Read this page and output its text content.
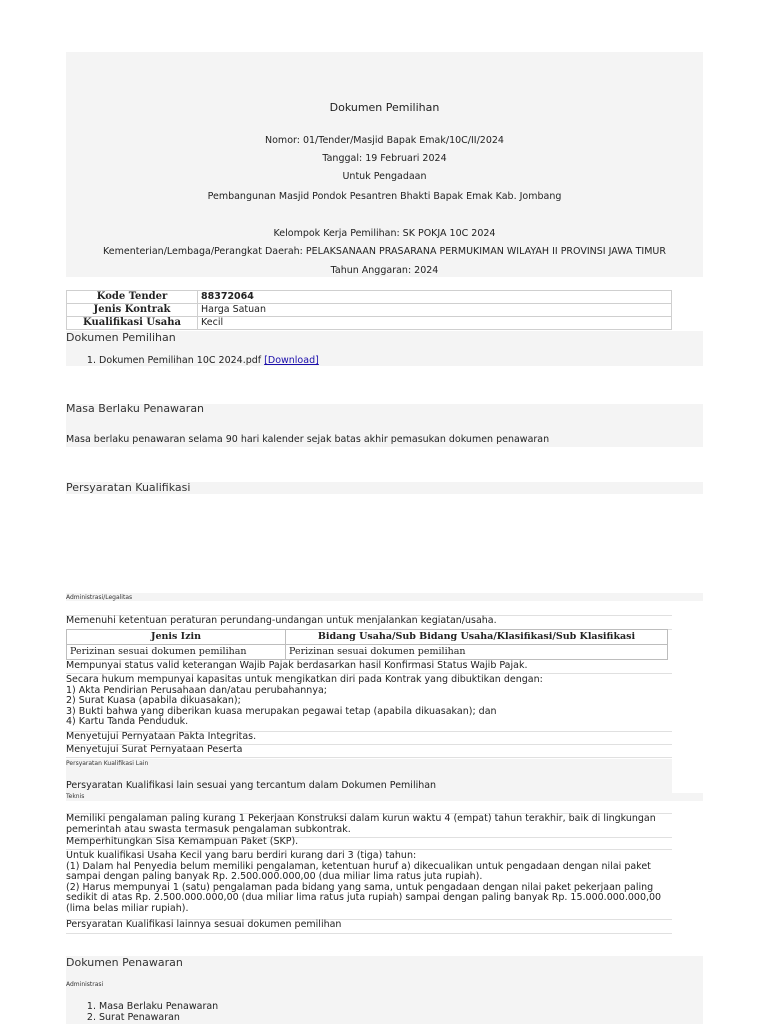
Dokumen Pemilihan
Nomor: 01/Tender/Masjid Bapak Emak/10C/II/2024
Tanggal: 19 Februari 2024
Untuk Pengadaan
Pembangunan Masjid Pondok Pesantren Bhakti Bapak Emak Kab. Jombang
Kelompok Kerja Pemilihan: SK POKJA 10C 2024
Kementerian/Lembaga/Perangkat Daerah: PELAKSANAAN PRASARANA PERMUKIMAN WILAYAH II PROVINSI JAWA TIMUR
Tahun Anggaran: 2024
Kode Tender	88372064
Jenis Kontrak	Harga Satuan
Kualifikasi Usaha	Kecil
Dokumen Pemilihan
1. Dokumen Pemilihan 10C 2024.pdf [Download]
Masa Berlaku Penawaran
Masa berlaku penawaran selama 90 hari kalender sejak batas akhir pemasukan dokumen penawaran
Persyaratan Kualifikasi
Administrasi/Legalitas
Memenuhi ketentuan peraturan perundang-undangan untuk menjalankan kegiatan/usaha.
Jenis Izin	Bidang Usaha/Sub Bidang Usaha/Klasifikasi/Sub Klasifikasi
Perizinan sesuai dokumen pemilihan	Perizinan sesuai dokumen pemilihan
Mempunyai status valid keterangan Wajib Pajak berdasarkan hasil Konfirmasi Status Wajib Pajak.
Secara hukum mempunyai kapasitas untuk mengikatkan diri pada Kontrak yang dibuktikan dengan:
1) Akta Pendirian Perusahaan dan/atau perubahannya;
2) Surat Kuasa (apabila dikuasakan);
3) Bukti bahwa yang diberikan kuasa merupakan pegawai tetap (apabila dikuasakan); dan
4) Kartu Tanda Penduduk.
Menyetujui Pernyataan Pakta Integritas.
Menyetujui Surat Pernyataan Peserta
Persyaratan Kualifikasi Lain
Persyaratan Kualifikasi lain sesuai yang tercantum dalam Dokumen Pemilihan
Teknis
Memiliki pengalaman paling kurang 1 Pekerjaan Konstruksi dalam kurun waktu 4 (empat) tahun terakhir, baik di lingkungan
pemerintah atau swasta termasuk pengalaman subkontrak.
Memperhitungkan Sisa Kemampuan Paket (SKP).
Untuk kualifikasi Usaha Kecil yang baru berdiri kurang dari 3 (tiga) tahun:
(1) Dalam hal Penyedia belum memiliki pengalaman, ketentuan huruf a) dikecualikan untuk pengadaan dengan nilai paket
sampai dengan paling banyak Rp. 2.500.000.000,00 (dua miliar lima ratus juta rupiah).
(2) Harus mempunyai 1 (satu) pengalaman pada bidang yang sama, untuk pengadaan dengan nilai paket pekerjaan paling
sedikit di atas Rp. 2.500.000.000,00 (dua miliar lima ratus juta rupiah) sampai dengan paling banyak Rp. 15.000.000.000,00
(lima belas miliar rupiah).
Persyaratan Kualifikasi lainnya sesuai dokumen pemilihan
Dokumen Penawaran
Administrasi
1. Masa Berlaku Penawaran
2. Surat Penawaran
